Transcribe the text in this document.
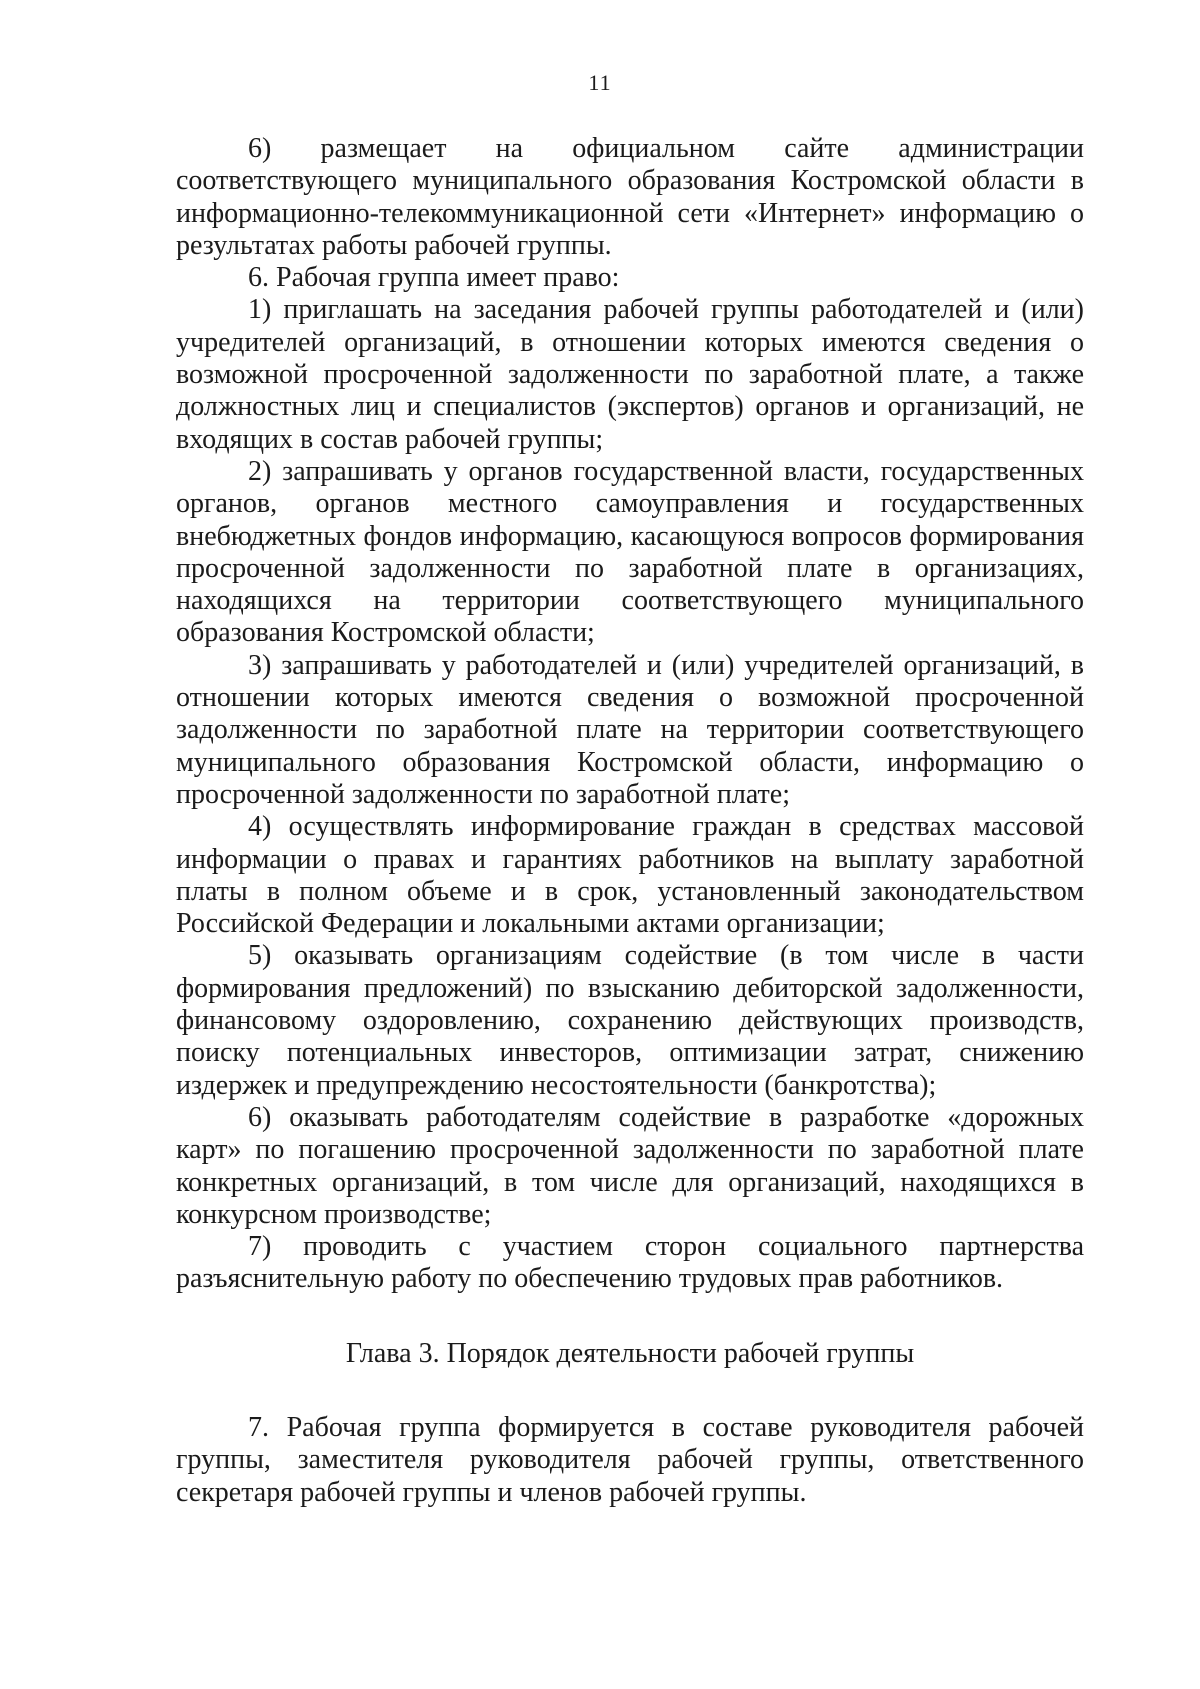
11

6) размещает на официальном сайте администрации соответствующего муниципального образования Костромской области в информационно-телекоммуникационной сети «Интернет» информацию о результатах работы рабочей группы.

6. Рабочая группа имеет право:

1) приглашать на заседания рабочей группы работодателей и (или) учредителей организаций, в отношении которых имеются сведения о возможной просроченной задолженности по заработной плате, а также должностных лиц и специалистов (экспертов) органов и организаций, не входящих в состав рабочей группы;

2) запрашивать у органов государственной власти, государственных органов, органов местного самоуправления и государственных внебюджетных фондов информацию, касающуюся вопросов формирования просроченной задолженности по заработной плате в организациях, находящихся на территории соответствующего муниципального образования Костромской области;

3) запрашивать у работодателей и (или) учредителей организаций, в отношении которых имеются сведения о возможной просроченной задолженности по заработной плате на территории соответствующего муниципального образования Костромской области, информацию о просроченной задолженности по заработной плате;

4) осуществлять информирование граждан в средствах массовой информации о правах и гарантиях работников на выплату заработной платы в полном объеме и в срок, установленный законодательством Российской Федерации и локальными актами организации;

5) оказывать организациям содействие (в том числе в части формирования предложений) по взысканию дебиторской задолженности, финансовому оздоровлению, сохранению действующих производств, поиску потенциальных инвесторов, оптимизации затрат, снижению издержек и предупреждению несостоятельности (банкротства);

6) оказывать работодателям содействие в разработке «дорожных карт» по погашению просроченной задолженности по заработной плате конкретных организаций, в том числе для организаций, находящихся в конкурсном производстве;

7) проводить с участием сторон социального партнерства разъяснительную работу по обеспечению трудовых прав работников.

Глава 3. Порядок деятельности рабочей группы

7. Рабочая группа формируется в составе руководителя рабочей группы, заместителя руководителя рабочей группы, ответственного секретаря рабочей группы и членов рабочей группы.
